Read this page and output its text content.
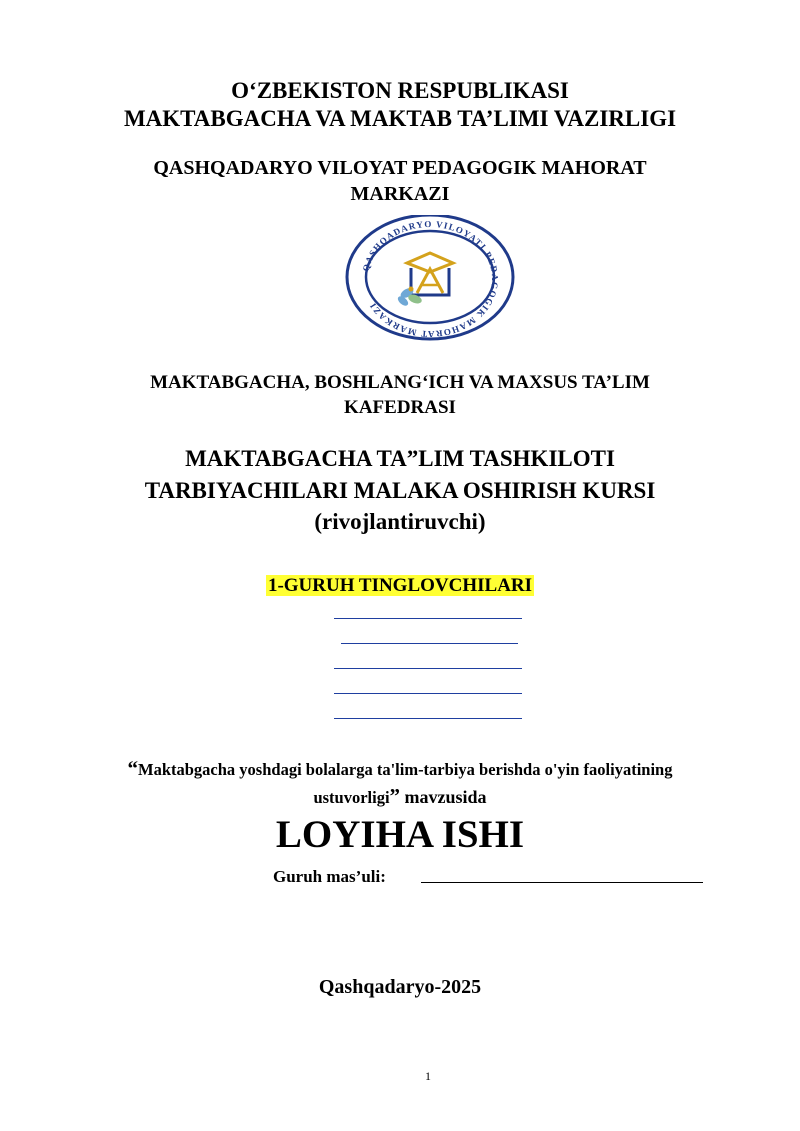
O‘ZBEKISTON RESPUBLIKASI
MAKTABGACHA VA MAKTAB TA’LIMI VAZIRLIGI
QASHQADARYO VILOYAT PEDAGOGIK MAHORAT
MARKAZI
QASHQADARYO VILOYATI PEDAGOGIK MAHORAT MARKAZI
MAKTABGACHA, BOSHLANG‘ICH VA MAXSUS TA’LIM
KAFEDRASI
MAKTABGACHA TA”LIM TASHKILOTI
TARBIYACHILARI MALAKA OSHIRISH KURSI
(rivojlantiruvchi)
1-GURUH TINGLOVCHILARI
“Maktabgacha yoshdagi bolalarga ta'lim-tarbiya berishda o'yin faoliyatining
ustuvorligi” mavzusida
LOYIHA ISHI
Guruh mas’uli:
Qashqadaryo-2025
1
